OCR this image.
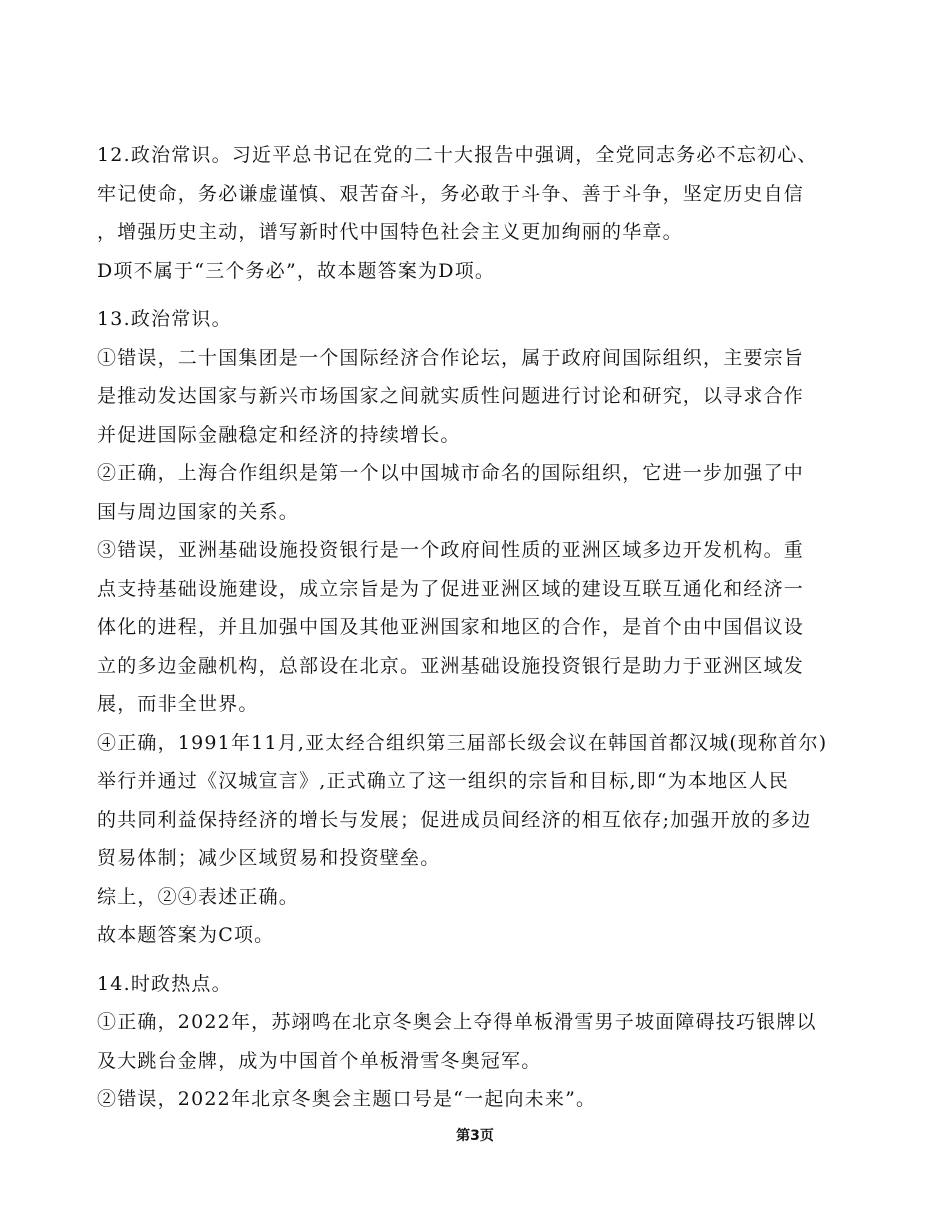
12.政治常识。习近平总书记在党的二十大报告中强调，全党同志务必不忘初心、

牢记使命，务必谦虚谨慎、艰苦奋斗，务必敢于斗争、善于斗争，坚定历史自信

，增强历史主动，谱写新时代中国特色社会主义更加绚丽的华章。

D项不属于“三个务必”，故本题答案为D项。

13.政治常识。

①错误，二十国集团是一个国际经济合作论坛，属于政府间国际组织，主要宗旨

是推动发达国家与新兴市场国家之间就实质性问题进行讨论和研究，以寻求合作

并促进国际金融稳定和经济的持续增长。

②正确，上海合作组织是第一个以中国城市命名的国际组织，它进一步加强了中

国与周边国家的关系。

③错误，亚洲基础设施投资银行是一个政府间性质的亚洲区域多边开发机构。重

点支持基础设施建设，成立宗旨是为了促进亚洲区域的建设互联互通化和经济一

体化的进程，并且加强中国及其他亚洲国家和地区的合作，是首个由中国倡议设

立的多边金融机构，总部设在北京。亚洲基础设施投资银行是助力于亚洲区域发

展，而非全世界。

④正确，1991年11月,亚太经合组织第三届部长级会议在韩国首都汉城(现称首尔)

举行并通过《汉城宣言》,正式确立了这一组织的宗旨和目标,即“为本地区人民

的共同利益保持经济的增长与发展；促进成员间经济的相互依存;加强开放的多边

贸易体制；减少区域贸易和投资壁垒。

综上，②④表述正确。

故本题答案为C项。

14.时政热点。

①正确，2022年，苏翊鸣在北京冬奥会上夺得单板滑雪男子坡面障碍技巧银牌以

及大跳台金牌，成为中国首个单板滑雪冬奥冠军。

②错误，2022年北京冬奥会主题口号是“一起向未来”。

第3页
